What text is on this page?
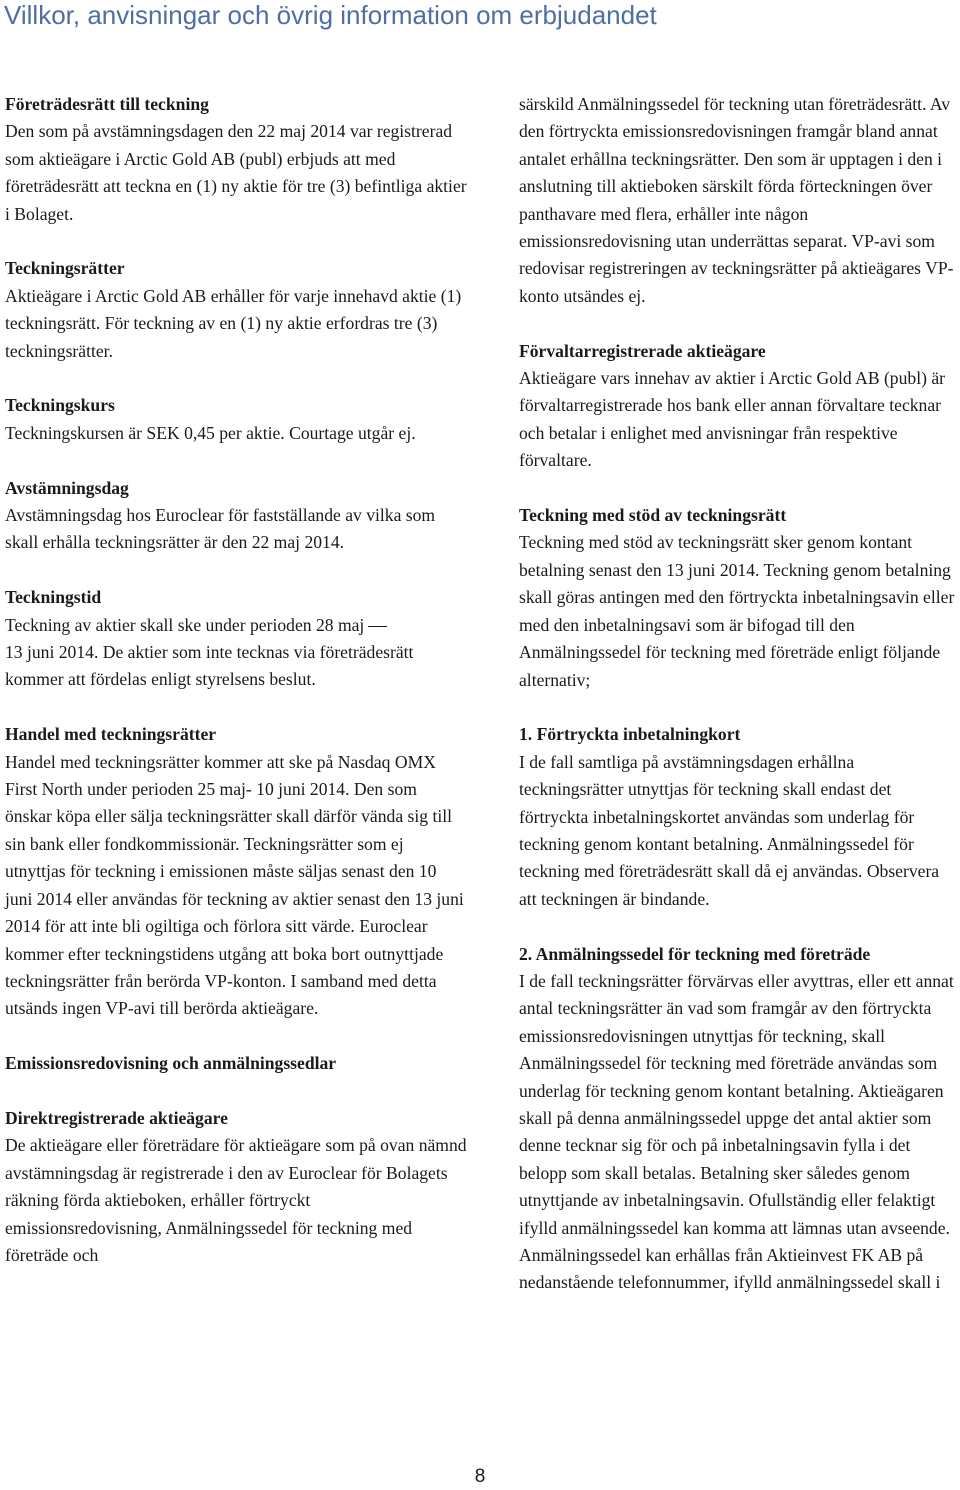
Villkor, anvisningar och övrig information om erbjudandet
Företrädesrätt till teckning

Den som på avstämningsdagen den 22 maj 2014 var registrerad som aktieägare i Arctic Gold AB (publ) erbjuds att med företrädesrätt att teckna en (1) ny aktie för tre (3) befintliga aktier i Bolaget.

Teckningsrätter

Aktieägare i Arctic Gold AB erhåller för varje innehavd aktie (1) teckningsrätt. För teckning av en (1) ny aktie erfordras tre (3) teckningsrätter.

Teckningskurs

Teckningskursen är SEK 0,45 per aktie. Courtage utgår ej.

Avstämningsdag

Avstämningsdag hos Euroclear för fastställande av vilka som skall erhålla teckningsrätter är den 22 maj 2014.

Teckningstid
Teckning av aktier skall ske under perioden 28 maj

13 juni 2014. De aktier som inte tecknas via företrädesrätt kommer att fördelas enligt styrelsens beslut.

Handel med teckningsrätter

Handel med teckningsrätter kommer att ske på Nasdaq OMX First North under perioden 25 maj- 10 juni 2014. Den som önskar köpa eller sälja teckningsrätter skall därför vända sig till sin bank eller fondkommissionär. Teckningsrätter som ej utnyttjas för teckning i emissionen måste säljas senast den 10 juni 2014 eller användas för teckning av aktier senast den 13 juni 2014 för att inte bli ogiltiga och förlora sitt värde. Euroclear kommer efter teckningstidens utgång att boka bort outnyttjade teckningsrätter från berörda VP-konton. I samband med detta utsänds ingen VP-avi till berörda aktieägare.

Emissionsredovisning och anmälningssedlar
Direktregistrerade aktieägare

De aktieägare eller företrädare för aktieägare som på ovan nämnd avstämningsdag är registrerade i den av Euroclear för Bolagets räkning förda aktieboken, erhåller förtryckt emissionsredovisning, Anmälningssedel för teckning med företräde och

särskild Anmälningssedel för teckning utan företrädesrätt. Av den förtryckta emissionsredovisningen framgår bland annat antalet erhållna teckningsrätter. Den som är upptagen i den i anslutning till aktieboken särskilt förda förteckningen över panthavare med flera, erhåller inte någon emissionsredovisning utan underrättas separat. VP-avi som redovisar registreringen av teckningsrätter på aktieägares VP-konto utsändes ej.

Förvaltarregistrerade aktieägare

Aktieägare vars innehav av aktier i Arctic Gold AB (publ) är förvaltarregistrerade hos bank eller annan förvaltare tecknar och betalar i enlighet med anvisningar från respektive förvaltare.

Teckning med stöd av teckningsrätt

Teckning med stöd av teckningsrätt sker genom kontant betalning senast den 13 juni 2014. Teckning genom betalning skall göras antingen med den förtryckta inbetalningsavin eller med den inbetalningsavi som är bifogad till den Anmälningssedel för teckning med företräde enligt följande alternativ;

1. Förtryckta inbetalningkort

I de fall samtliga på avstämningsdagen erhållna teckningsrätter utnyttjas för teckning skall endast det förtryckta inbetalningskortet användas som underlag för teckning genom kontant betalning. Anmälningssedel för teckning med företrädesrätt skall då ej användas. Observera att teckningen är bindande.

2. Anmälningssedel för teckning med företräde

I de fall teckningsrätter förvärvas eller avyttras, eller ett annat antal teckningsrätter än vad som framgår av den förtryckta emissionsredovisningen utnyttjas för teckning, skall Anmälningssedel för teckning med företräde användas som underlag för teckning genom kontant betalning. Aktieägaren skall på denna anmälningssedel uppge det antal aktier som denne tecknar sig för och på inbetalningsavin fylla i det belopp som skall betalas. Betalning sker således genom utnyttjande av inbetalningsavin. Ofullständig eller felaktigt ifylld anmälningssedel kan komma att lämnas utan avseende. Anmälningssedel kan erhållas från Aktieinvest FK AB på nedanstående telefonnummer, ifylld anmälningssedel skall i

8
